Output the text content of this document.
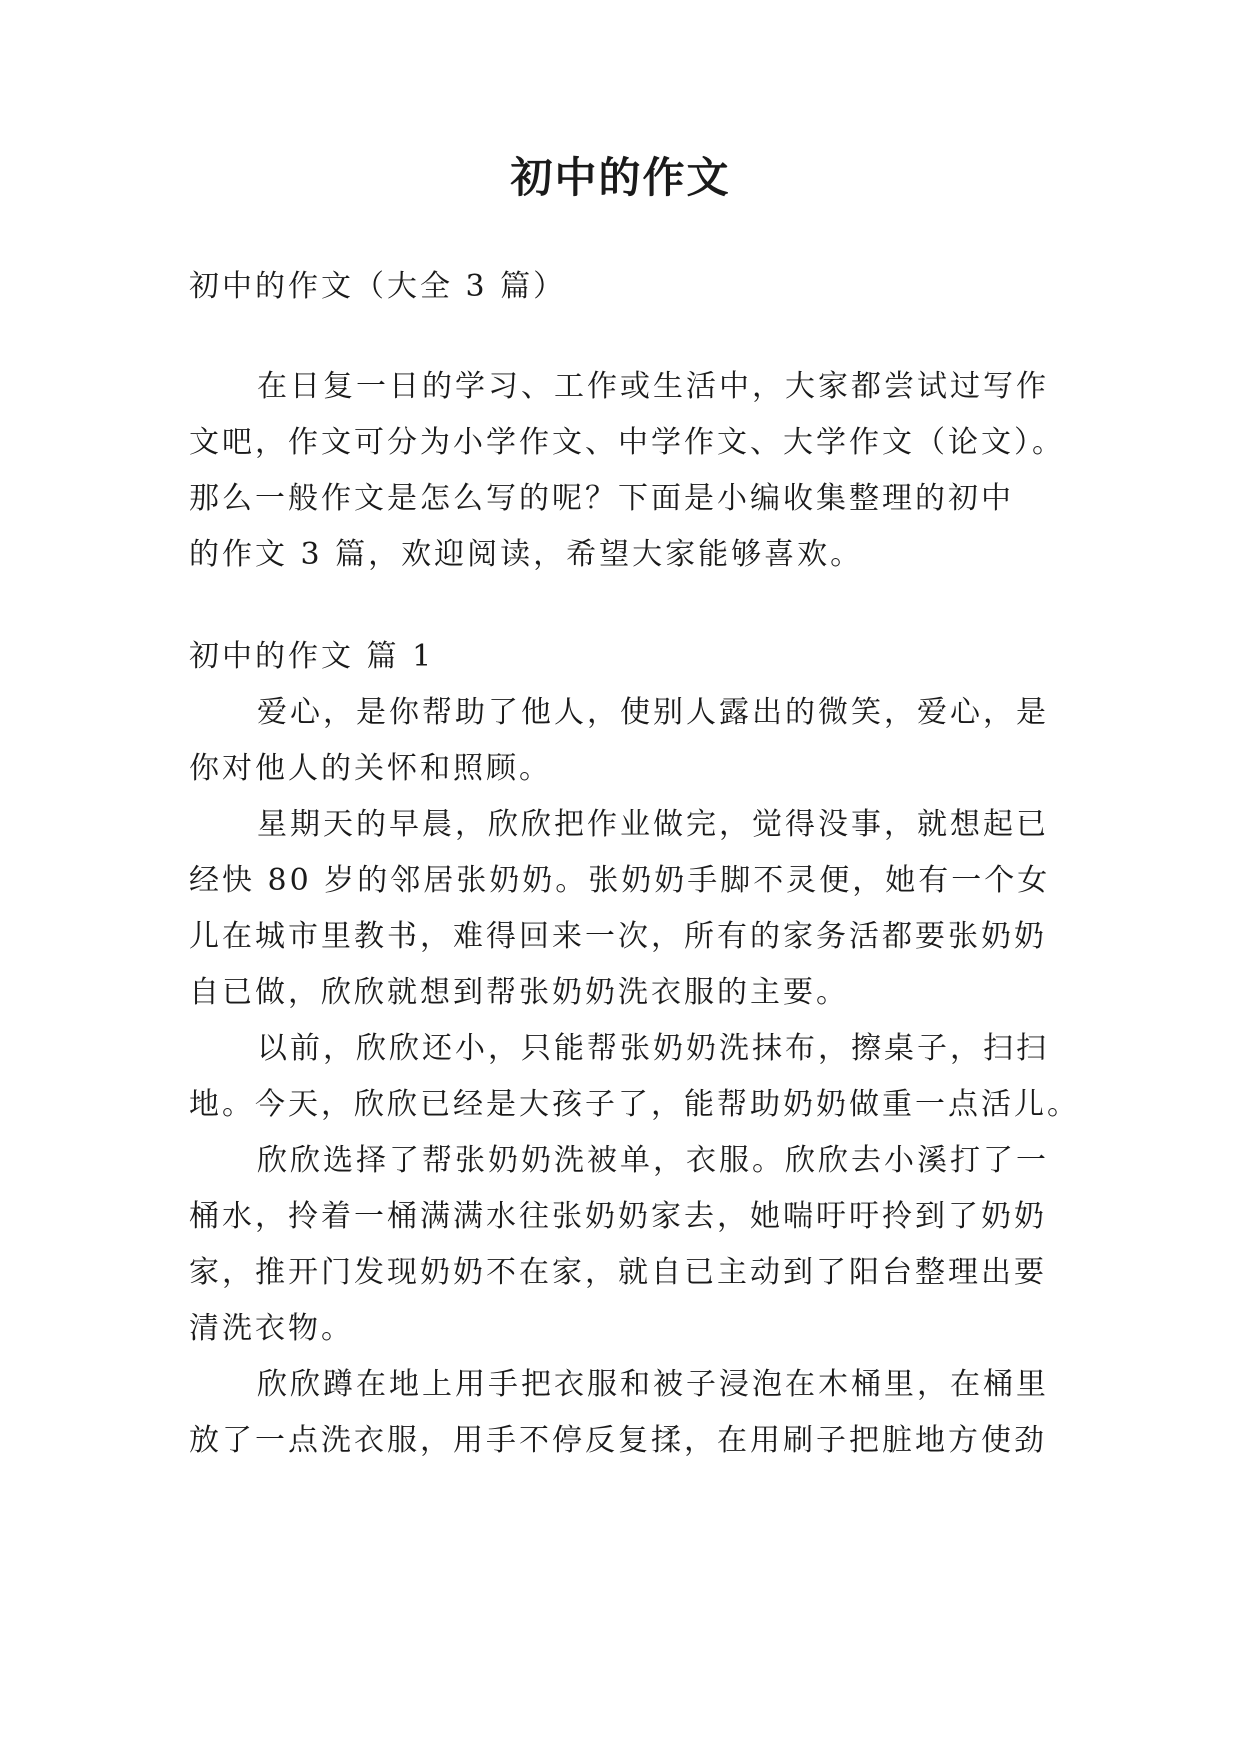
初中的作文
初中的作文（大全 3 篇）
在日复一日的学习、工作或生活中，大家都尝试过写作
文吧，作文可分为小学作文、中学作文、大学作文（论文）。
那么一般作文是怎么写的呢？下面是小编收集整理的初中
的作文 3 篇，欢迎阅读，希望大家能够喜欢。
初中的作文 篇 1
爱心，是你帮助了他人，使别人露出的微笑，爱心，是
你对他人的关怀和照顾。
星期天的早晨，欣欣把作业做完，觉得没事，就想起已
经快 80 岁的邻居张奶奶。张奶奶手脚不灵便，她有一个女
儿在城市里教书，难得回来一次，所有的家务活都要张奶奶
自已做，欣欣就想到帮张奶奶洗衣服的主要。
以前，欣欣还小，只能帮张奶奶洗抹布，擦桌子，扫扫
地。今天，欣欣已经是大孩子了，能帮助奶奶做重一点活儿。
欣欣选择了帮张奶奶洗被单，衣服。欣欣去小溪打了一
桶水，拎着一桶满满水往张奶奶家去，她喘吁吁拎到了奶奶
家，推开门发现奶奶不在家，就自已主动到了阳台整理出要
清洗衣物。
欣欣蹲在地上用手把衣服和被子浸泡在木桶里，在桶里
放了一点洗衣服，用手不停反复揉，在用刷子把脏地方使劲
